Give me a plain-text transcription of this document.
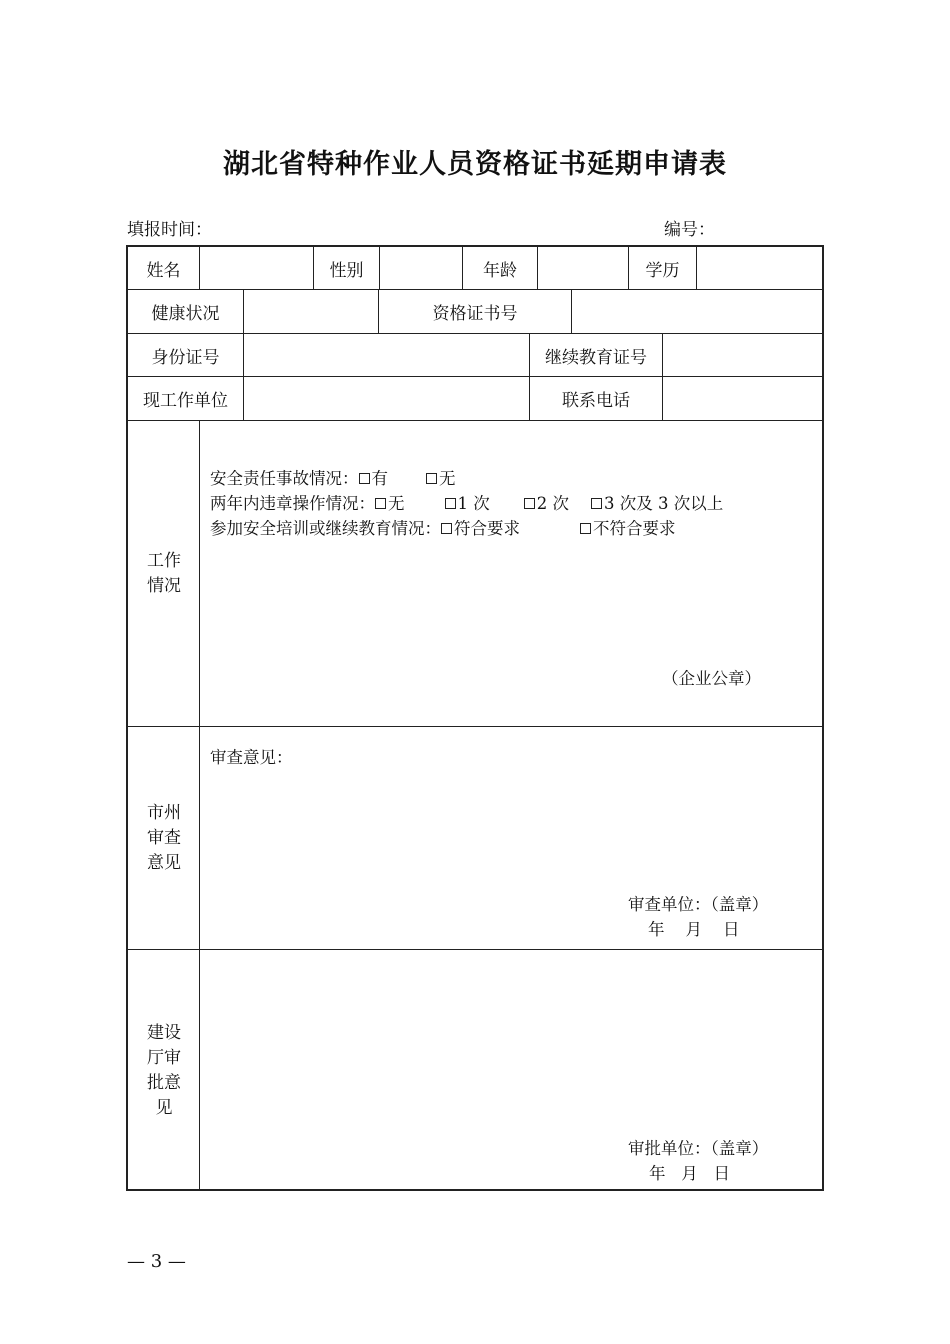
湖北省特种作业人员资格证书延期申请表
填报时间：	编号：
姓名	性别	年龄	学历
健康状况	资格证书号
身份证号	继续教育证号
现工作单位	联系电话
工作情况
安全责任事故情况： 有	无
两年内违章操作情况： 无	1 次	2 次 3 次及 3 次以上
参加安全培训或继续教育情况： 符合要求	不符合要求
（企业公章）
市州审查意见
审查意见：
审查单位：（盖章）
年    月    日
建设厅审批意见
审批单位：（盖章）
年   月   日
— 3 —
